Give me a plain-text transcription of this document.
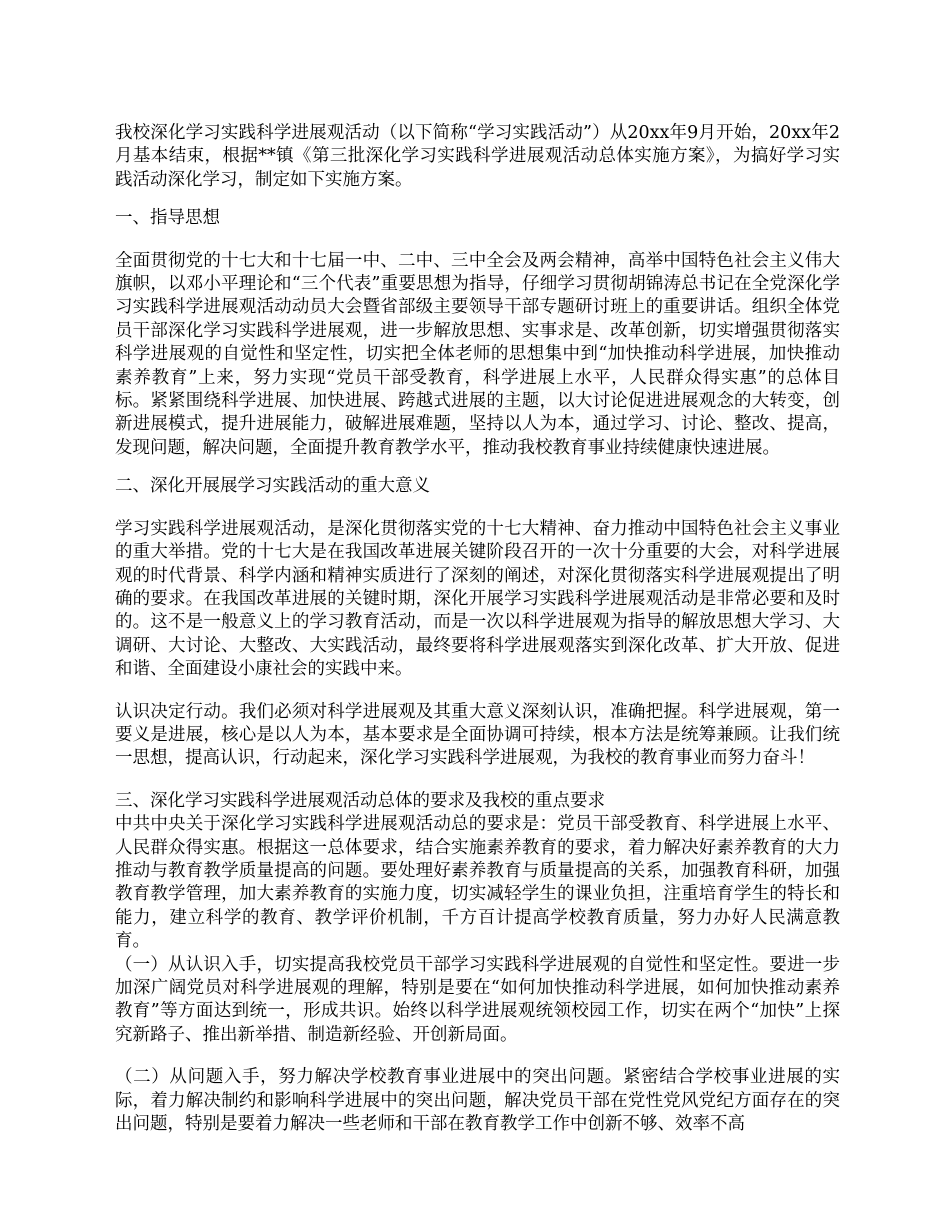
我校深化学习实践科学进展观活动（以下简称“学习实践活动”）从20xx年9月开始，20xx年2月基本结束，根据**镇《第三批深化学习实践科学进展观活动总体实施方案》，为搞好学习实践活动深化学习，制定如下实施方案。

一、指导思想

全面贯彻党的十七大和十七届一中、二中、三中全会及两会精神，高举中国特色社会主义伟大旗帜，以邓小平理论和“三个代表”重要思想为指导，仔细学习贯彻胡锦涛总书记在全党深化学习实践科学进展观活动动员大会暨省部级主要领导干部专题研讨班上的重要讲话。组织全体党员干部深化学习实践科学进展观，进一步解放思想、实事求是、改革创新，切实增强贯彻落实科学进展观的自觉性和坚定性，切实把全体老师的思想集中到“加快推动科学进展，加快推动素养教育”上来，努力实现“党员干部受教育，科学进展上水平，人民群众得实惠”的总体目标。紧紧围绕科学进展、加快进展、跨越式进展的主题，以大讨论促进进展观念的大转变，创新进展模式，提升进展能力，破解进展难题，坚持以人为本，通过学习、讨论、整改、提高，发现问题，解决问题，全面提升教育教学水平，推动我校教育事业持续健康快速进展。

二、深化开展展学习实践活动的重大意义

学习实践科学进展观活动，是深化贯彻落实党的十七大精神、奋力推动中国特色社会主义事业的重大举措。党的十七大是在我国改革进展关键阶段召开的一次十分重要的大会，对科学进展观的时代背景、科学内涵和精神实质进行了深刻的阐述，对深化贯彻落实科学进展观提出了明确的要求。在我国改革进展的关键时期，深化开展学习实践科学进展观活动是非常必要和及时的。这不是一般意义上的学习教育活动，而是一次以科学进展观为指导的解放思想大学习、大调研、大讨论、大整改、大实践活动，最终要将科学进展观落实到深化改革、扩大开放、促进和谐、全面建设小康社会的实践中来。

认识决定行动。我们必须对科学进展观及其重大意义深刻认识，准确把握。科学进展观，第一要义是进展，核心是以人为本，基本要求是全面协调可持续，根本方法是统筹兼顾。让我们统一思想，提高认识，行动起来，深化学习实践科学进展观，为我校的教育事业而努力奋斗！

三、深化学习实践科学进展观活动总体的要求及我校的重点要求

中共中央关于深化学习实践科学进展观活动总的要求是：党员干部受教育、科学进展上水平、人民群众得实惠。根据这一总体要求，结合实施素养教育的要求，着力解决好素养教育的大力推动与教育教学质量提高的问题。要处理好素养教育与质量提高的关系，加强教育科研，加强教育教学管理，加大素养教育的实施力度，切实减轻学生的课业负担，注重培育学生的特长和能力，建立科学的教育、教学评价机制，千方百计提高学校教育质量，努力办好人民满意教育。

（一）从认识入手，切实提高我校党员干部学习实践科学进展观的自觉性和坚定性。要进一步加深广阔党员对科学进展观的理解，特别是要在“如何加快推动科学进展，如何加快推动素养教育”等方面达到统一，形成共识。始终以科学进展观统领校园工作，切实在两个“加快”上探究新路子、推出新举措、制造新经验、开创新局面。

（二）从问题入手，努力解决学校教育事业进展中的突出问题。紧密结合学校事业进展的实际，着力解决制约和影响科学进展中的突出问题，解决党员干部在党性党风党纪方面存在的突出问题，特别是要着力解决一些老师和干部在教育教学工作中创新不够、效率不高
